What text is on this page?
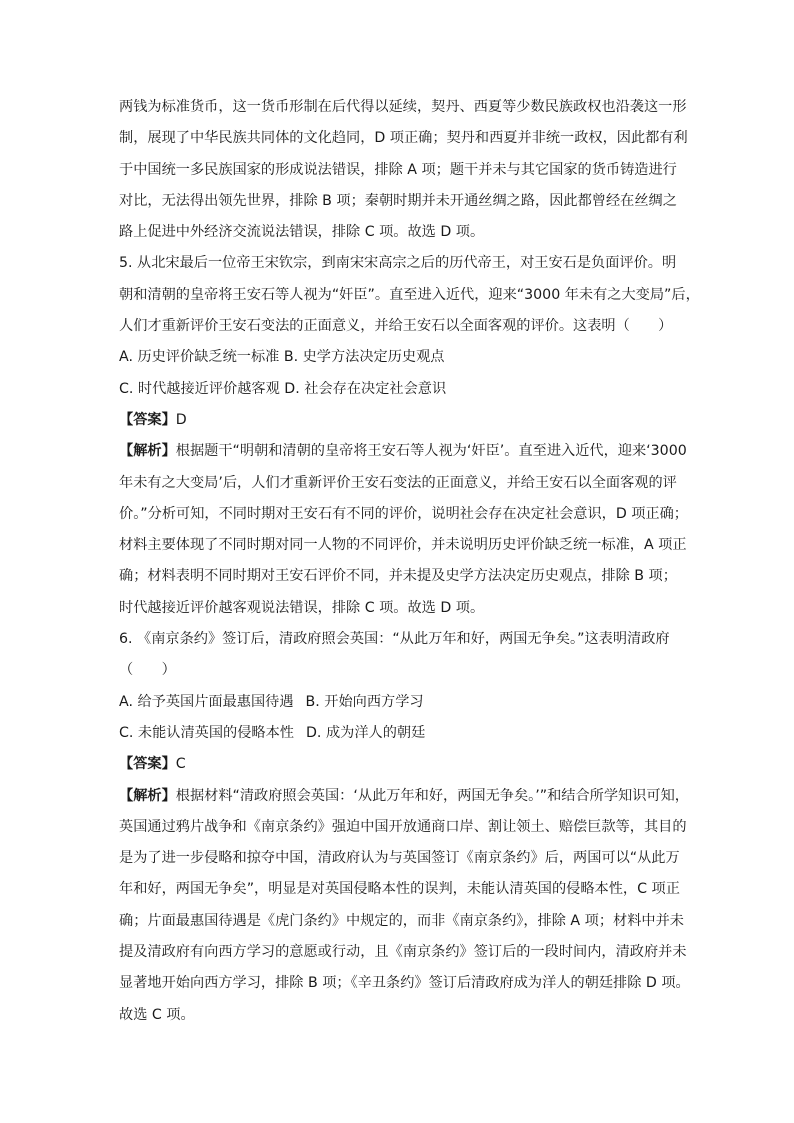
两钱为标准货币，这一货币形制在后代得以延续，契丹、西夏等少数民族政权也沿袭这一形
制，展现了中华民族共同体的文化趋同，D 项正确；契丹和西夏并非统一政权，因此都有利
于中国统一多民族国家的形成说法错误，排除 A 项；题干并未与其它国家的货币铸造进行
对比，无法得出领先世界，排除 B 项；秦朝时期并未开通丝绸之路，因此都曾经在丝绸之
路上促进中外经济交流说法错误，排除 C 项。故选 D 项。
5. 从北宋最后一位帝王宋钦宗，到南宋宋高宗之后的历代帝王，对王安石是负面评价。明
朝和清朝的皇帝将王安石等人视为“奸臣”。直至进入近代，迎来“3000 年未有之大变局”后，
人们才重新评价王安石变法的正面意义，并给王安石以全面客观的评价。这表明（　　）
A. 历史评价缺乏统一标准 B. 史学方法决定历史观点
C. 时代越接近评价越客观 D. 社会存在决定社会意识
【答案】D
【解析】根据题干“明朝和清朝的皇帝将王安石等人视为‘奸臣’。直至进入近代，迎来‘3000
年未有之大变局’后，人们才重新评价王安石变法的正面意义，并给王安石以全面客观的评
价。”分析可知，不同时期对王安石有不同的评价，说明社会存在决定社会意识，D 项正确；
材料主要体现了不同时期对同一人物的不同评价，并未说明历史评价缺乏统一标准，A 项正
确；材料表明不同时期对王安石评价不同，并未提及史学方法决定历史观点，排除 B 项；
时代越接近评价越客观说法错误，排除 C 项。故选 D 项。
6. 《南京条约》签订后，清政府照会英国：“从此万年和好，两国无争矣。”这表明清政府
（　　）
A. 给予英国片面最惠国待遇 B. 开始向西方学习
C. 未能认清英国的侵略本性 D. 成为洋人的朝廷
【答案】C
【解析】根据材料“清政府照会英国：‘从此万年和好，两国无争矣。’”和结合所学知识可知，
英国通过鸦片战争和《南京条约》强迫中国开放通商口岸、割让领土、赔偿巨款等，其目的
是为了进一步侵略和掠夺中国，清政府认为与英国签订《南京条约》后，两国可以“从此万
年和好，两国无争矣”，明显是对英国侵略本性的误判，未能认清英国的侵略本性，C 项正
确；片面最惠国待遇是《虎门条约》中规定的，而非《南京条约》，排除 A 项；材料中并未
提及清政府有向西方学习的意愿或行动，且《南京条约》签订后的一段时间内，清政府并未
显著地开始向西方学习，排除 B 项；《辛丑条约》签订后清政府成为洋人的朝廷排除 D 项。
故选 C 项。
